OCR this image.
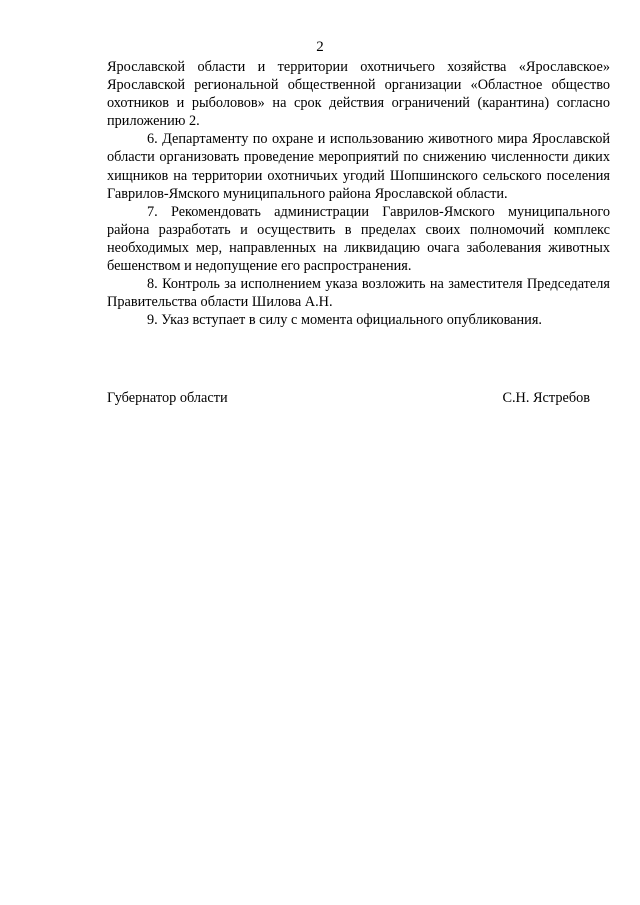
2

Ярославской области и территории охотничьего хозяйства «Ярославское» Ярославской региональной общественной организации «Областное общество охотников и рыболовов» на срок действия ограничений (карантина) согласно приложению 2.

6. Департаменту по охране и использованию животного мира Ярославской области организовать проведение мероприятий по снижению численности диких хищников на территории охотничьих угодий Шопшинского сельского поселения Гаврилов-Ямского муниципального района Ярославской области.

7. Рекомендовать администрации Гаврилов-Ямского муниципального района разработать и осуществить в пределах своих полномочий комплекс необходимых мер, направленных на ликвидацию очага заболевания животных бешенством и недопущение его распространения.

8. Контроль за исполнением указа возложить на заместителя Председателя Правительства области Шилова А.Н.

9. Указ вступает в силу с момента официального опубликования.

Губернатор области	С.Н. Ястребов
